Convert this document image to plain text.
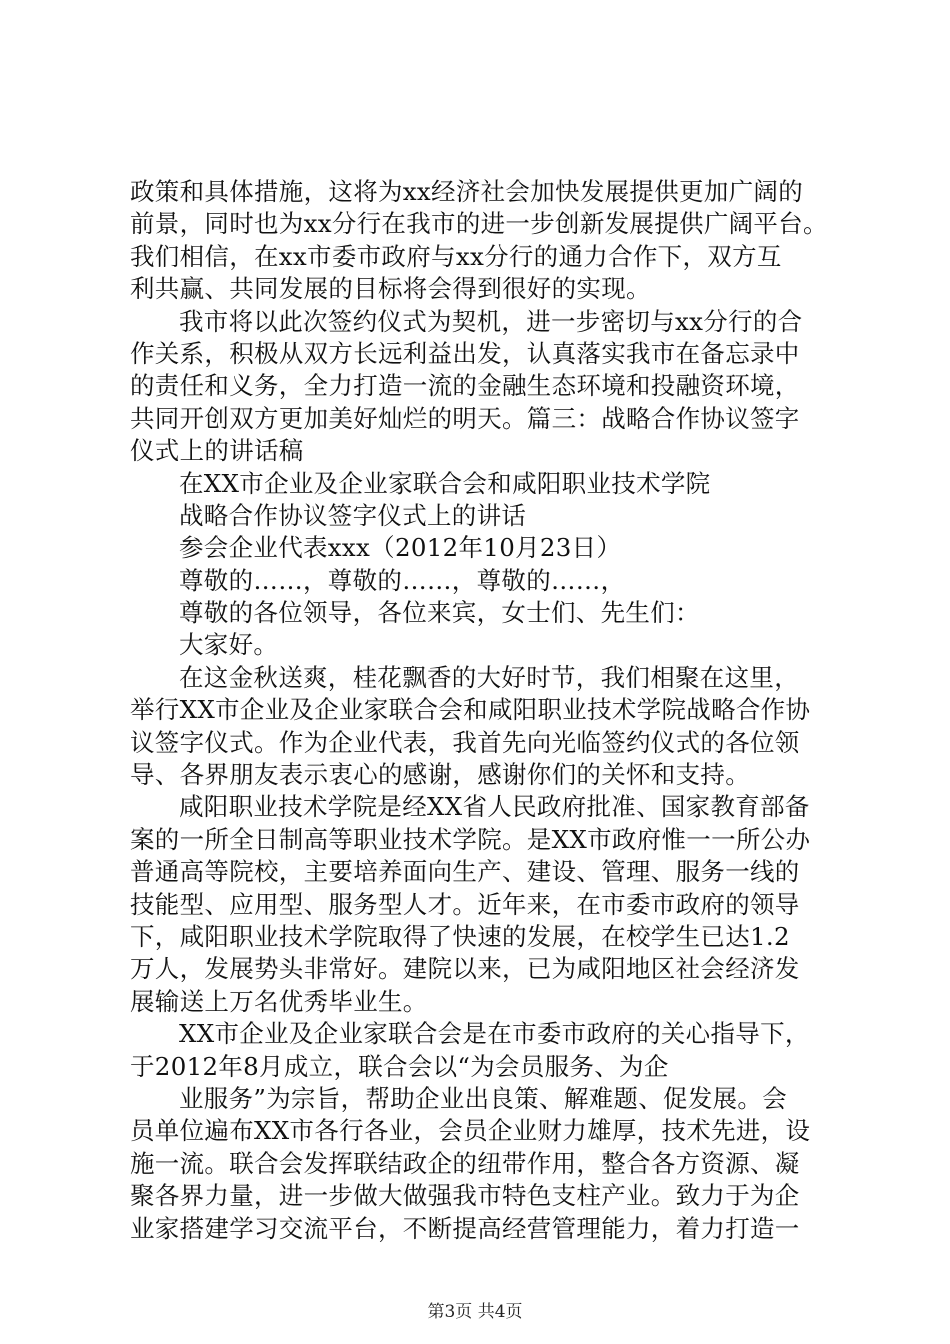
政策和具体措施，这将为xx经济社会加快发展提供更加广阔的
前景，同时也为xx分行在我市的进一步创新发展提供广阔平台。
我们相信，在xx市委市政府与xx分行的通力合作下，双方互
利共赢、共同发展的目标将会得到很好的实现。
我市将以此次签约仪式为契机，进一步密切与xx分行的合
作关系，积极从双方长远利益出发，认真落实我市在备忘录中
的责任和义务，全力打造一流的金融生态环境和投融资环境，
共同开创双方更加美好灿烂的明天。篇三：战略合作协议签字
仪式上的讲话稿
在XX市企业及企业家联合会和咸阳职业技术学院
战略合作协议签字仪式上的讲话
参会企业代表xxx（2012年10月23日）
尊敬的……，尊敬的……，尊敬的……，
尊敬的各位领导，各位来宾，女士们、先生们：
大家好。
在这金秋送爽，桂花飘香的大好时节，我们相聚在这里，
举行XX市企业及企业家联合会和咸阳职业技术学院战略合作协
议签字仪式。作为企业代表，我首先向光临签约仪式的各位领
导、各界朋友表示衷心的感谢，感谢你们的关怀和支持。
咸阳职业技术学院是经XX省人民政府批准、国家教育部备
案的一所全日制高等职业技术学院。是XX市政府惟一一所公办
普通高等院校，主要培养面向生产、建设、管理、服务一线的
技能型、应用型、服务型人才。近年来，在市委市政府的领导
下，咸阳职业技术学院取得了快速的发展，在校学生已达1.2
万人，发展势头非常好。建院以来，已为咸阳地区社会经济发
展输送上万名优秀毕业生。
XX市企业及企业家联合会是在市委市政府的关心指导下，
于2012年8月成立，联合会以“为会员服务、为企
业服务”为宗旨，帮助企业出良策、解难题、促发展。会
员单位遍布XX市各行各业，会员企业财力雄厚，技术先进，设
施一流。联合会发挥联结政企的纽带作用，整合各方资源、凝
聚各界力量，进一步做大做强我市特色支柱产业。致力于为企
业家搭建学习交流平台，不断提高经营管理能力，着力打造一
第3页 共4页
